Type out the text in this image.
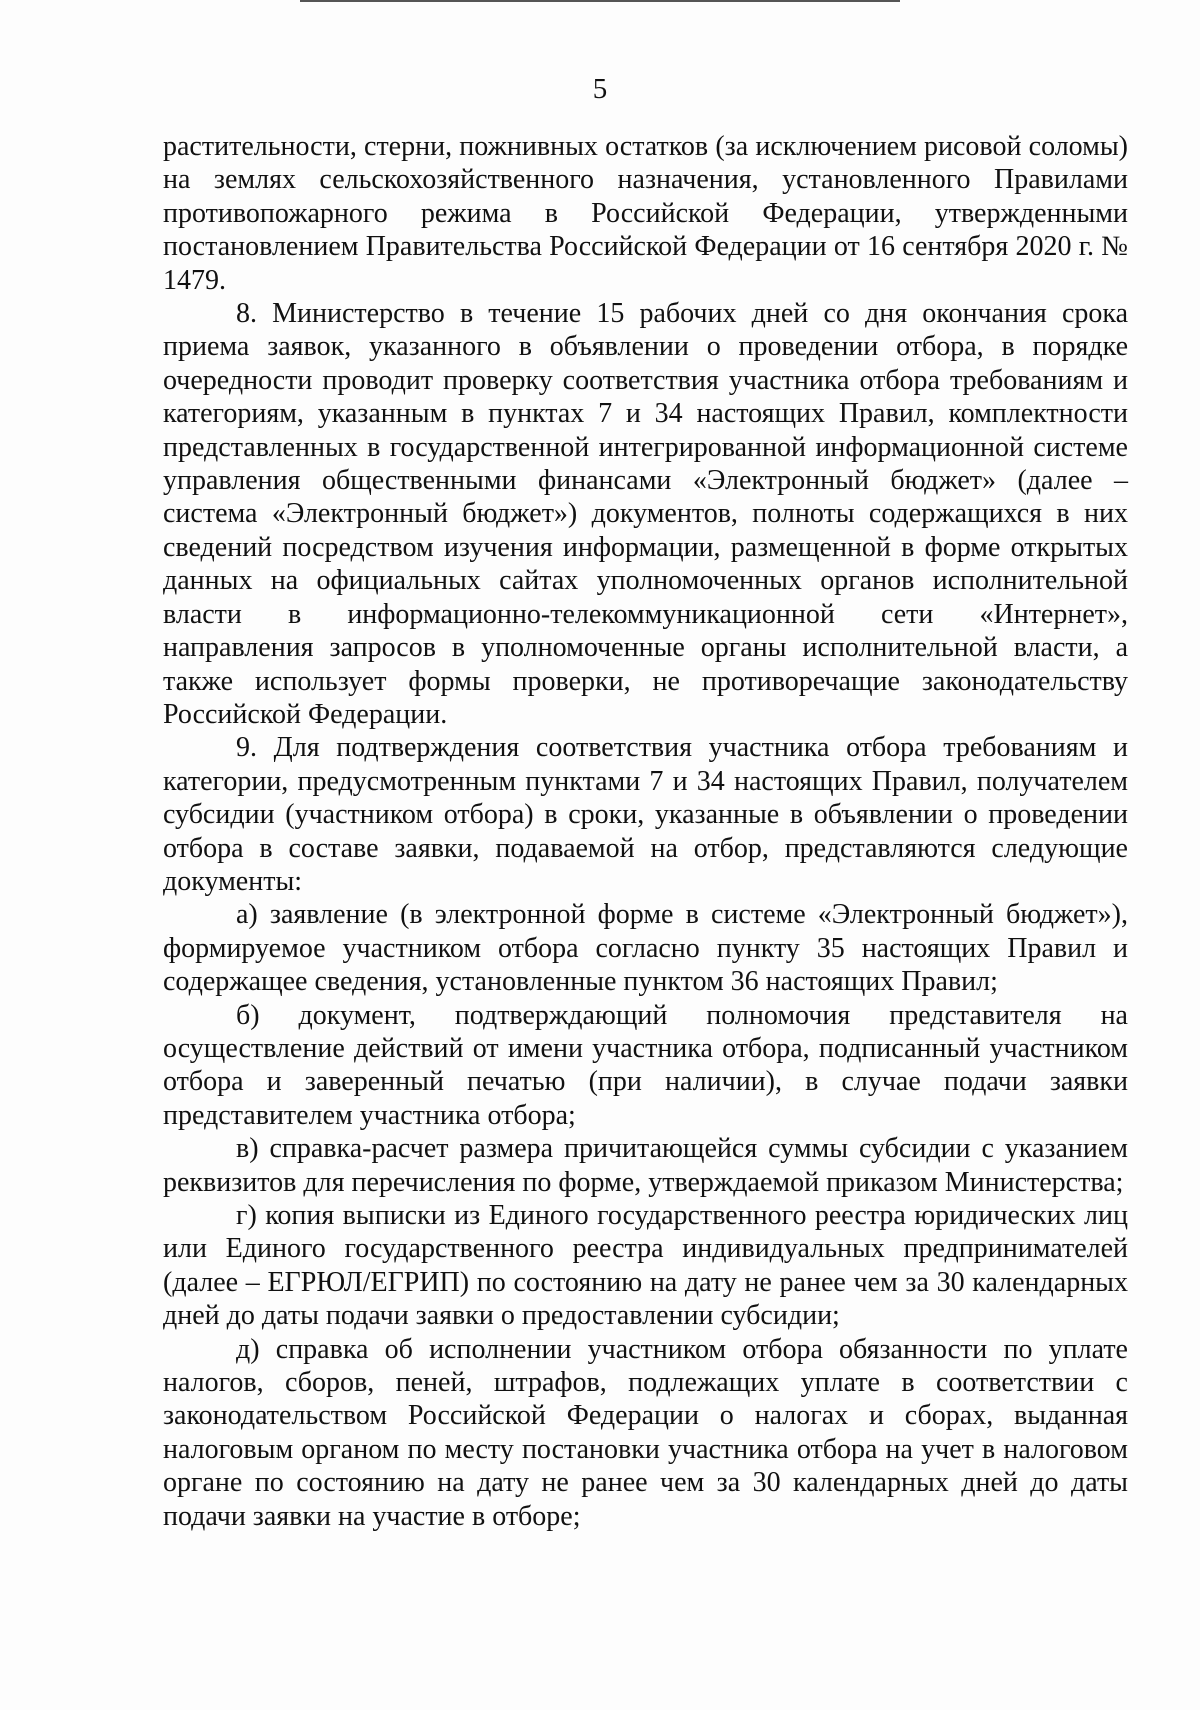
5

растительности, стерни, пожнивных остатков (за исключением рисовой соломы) на землях сельскохозяйственного назначения, установленного Правилами противопожарного режима в Российской Федерации, утвержденными постановлением Правительства Российской Федерации от 16 сентября 2020 г. № 1479.

8. Министерство в течение 15 рабочих дней со дня окончания срока приема заявок, указанного в объявлении о проведении отбора, в порядке очередности проводит проверку соответствия участника отбора требованиям и категориям, указанным в пунктах 7 и 34 настоящих Правил, комплектности представленных в государственной интегрированной информационной системе управления общественными финансами «Электронный бюджет» (далее – система «Электронный бюджет») документов, полноты содержащихся в них сведений посредством изучения информации, размещенной в форме открытых данных на официальных сайтах уполномоченных органов исполнительной власти в информационно-телекоммуникационной сети «Интернет», направления запросов в уполномоченные органы исполнительной власти, а также использует формы проверки, не противоречащие законодательству Российской Федерации.

9. Для подтверждения соответствия участника отбора требованиям и категории, предусмотренным пунктами 7 и 34 настоящих Правил, получателем субсидии (участником отбора) в сроки, указанные в объявлении о проведении отбора в составе заявки, подаваемой на отбор, представляются следующие документы:

а) заявление (в электронной форме в системе «Электронный бюджет»), формируемое участником отбора согласно пункту 35 настоящих Правил и содержащее сведения, установленные пунктом 36 настоящих Правил;

б) документ, подтверждающий полномочия представителя на осуществление действий от имени участника отбора, подписанный участником отбора и заверенный печатью (при наличии), в случае подачи заявки представителем участника отбора;

в) справка-расчет размера причитающейся суммы субсидии с указанием реквизитов для перечисления по форме, утверждаемой приказом Министерства;

г) копия выписки из Единого государственного реестра юридических лиц или Единого государственного реестра индивидуальных предпринимателей (далее – ЕГРЮЛ/ЕГРИП) по состоянию на дату не ранее чем за 30 календарных дней до даты подачи заявки о предоставлении субсидии;

д) справка об исполнении участником отбора обязанности по уплате налогов, сборов, пеней, штрафов, подлежащих уплате в соответствии с законодательством Российской Федерации о налогах и сборах, выданная налоговым органом по месту постановки участника отбора на учет в налоговом органе по состоянию на дату не ранее чем за 30 календарных дней до даты подачи заявки на участие в отборе;
